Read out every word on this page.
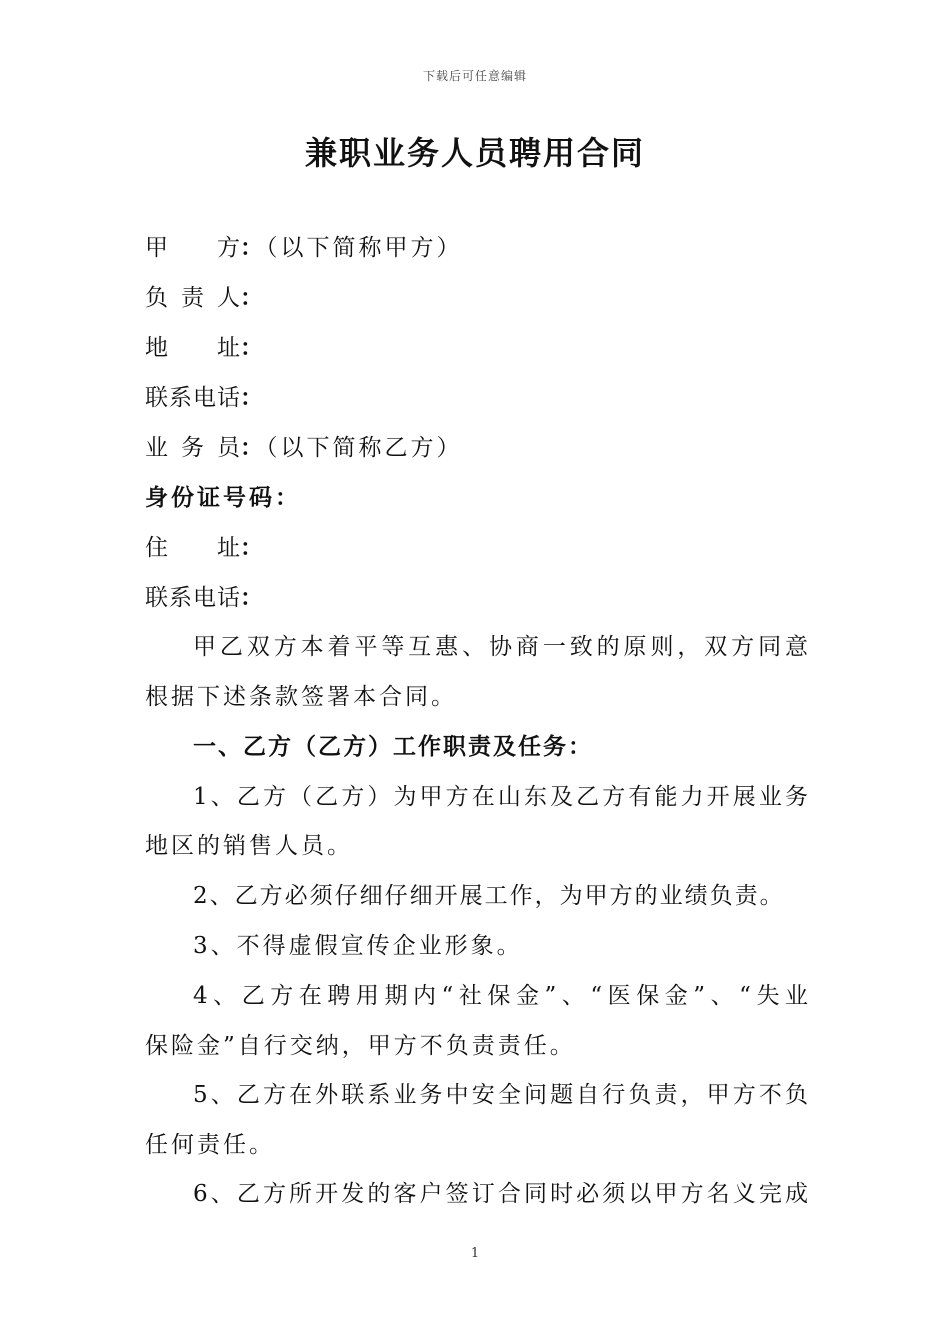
下载后可任意编辑
兼职业务人员聘用合同
甲方：（以下简称甲方）
负责人：
地址：
联系电话：
业务员：（以下简称乙方）
身份证号码：
住址：
联系电话：
甲乙双方本着平等互惠、协商一致的原则，双方同意
根据下述条款签署本合同。
一、乙方（乙方）工作职责及任务：
1、乙方（乙方）为甲方在山东及乙方有能力开展业务
地区的销售人员。
2、乙方必须仔细仔细开展工作，为甲方的业绩负责。
3、不得虚假宣传企业形象。
4、乙方在聘用期内“社保金”、“医保金”、“失业
保险金”自行交纳，甲方不负责责任。
5、乙方在外联系业务中安全问题自行负责，甲方不负
任何责任。
6、乙方所开发的客户签订合同时必须以甲方名义完成
1
